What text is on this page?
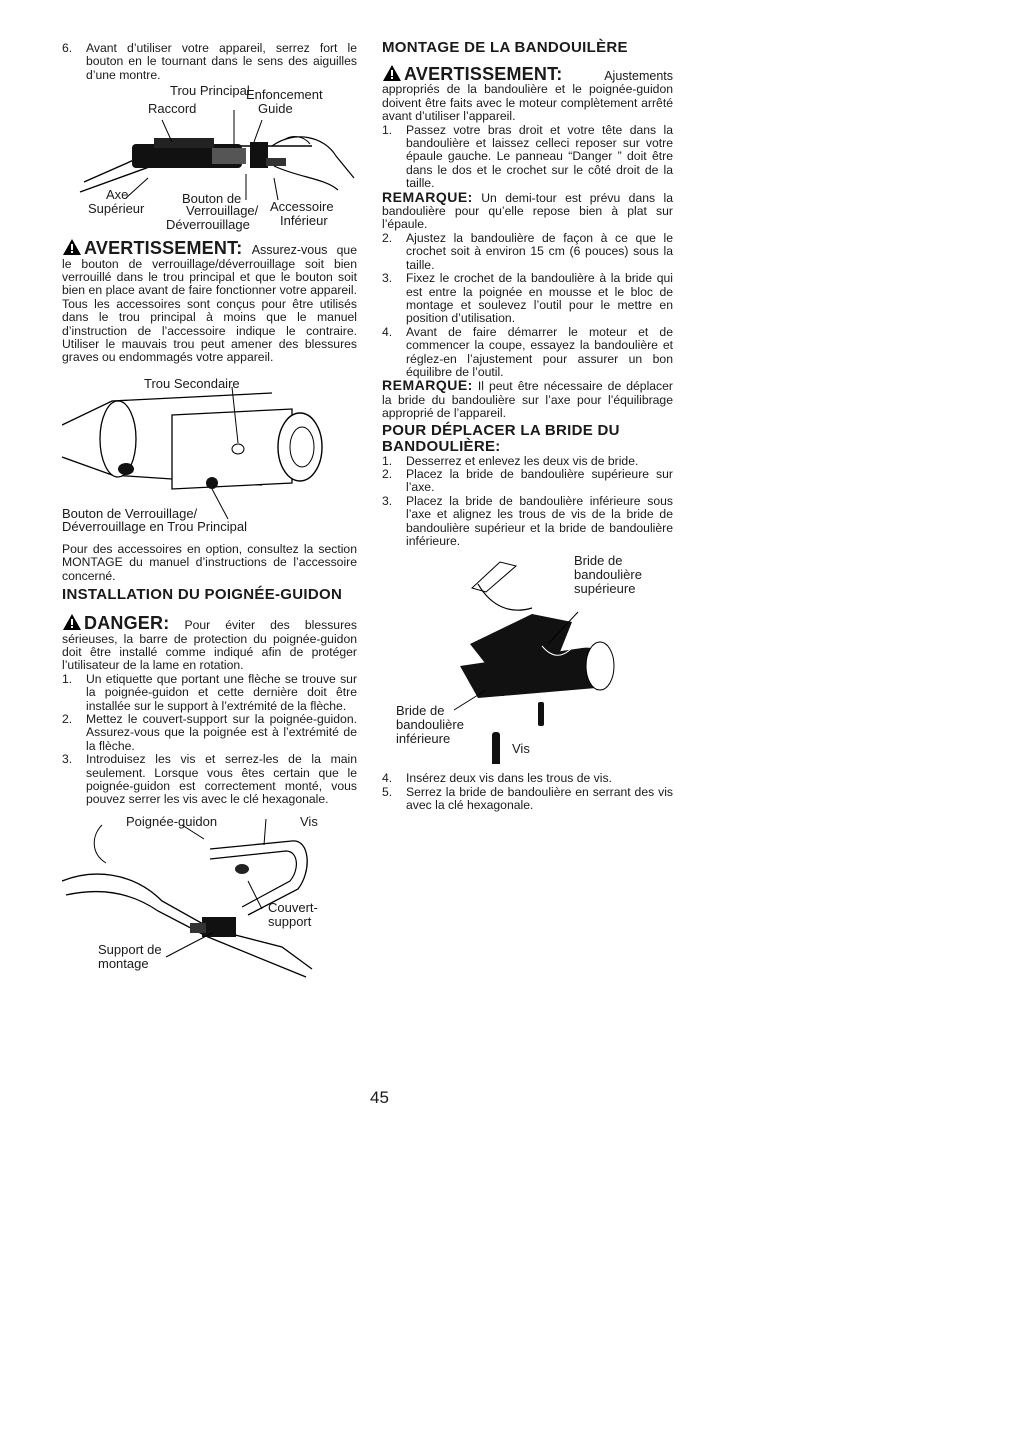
6. Avant d’utiliser votre appareil, serrez fort le bouton en le tournant dans le sens des aiguilles d’une montre.
Trou Principal
Enfoncement
Raccord	Guide
Axe
Supérieur
Bouton de
Verrouillage/
Déverrouillage
Accessoire
Inférieur

AVERTISSEMENT: Assurez-vous que le bouton de verrouillage/déverrouillage soit bien verrouillé dans le trou principal et que le bouton soit bien en place avant de faire fonctionner votre appareil. Tous les accessoires sont conçus pour être utilisés dans le trou principal à moins que le manuel d’instruction de l’accessoire indique le contraire. Utiliser le mauvais trou peut amener des blessures graves ou endommagés votre appareil.

Trou Secondaire
Bouton de Verrouillage/
Déverrouillage en Trou Principal

Pour des accessoires en option, consultez la section MONTAGE du manuel d’instructions de l’accessoire concerné.

INSTALLATION DU POIGNÉE-GUIDON

DANGER: Pour éviter des blessures sérieuses, la barre de protection du poignée-guidon doit être installé comme indiqué afin de protéger l’utilisateur de la lame en rotation.

1. Un etiquette que portant une flèche se trouve sur la poignée-guidon et cette dernière doit être installée sur le support à l’extrémité de la flèche.
2. Mettez le couvert-support sur la poignée-guidon. Assurez-vous que la poignée est à l’extrémité de la flèche.
3. Introduisez les vis et serrez-les de la main seulement. Lorsque vous êtes certain que le poignée-guidon est correctement monté, vous pouvez serrer les vis avec le clé hexagonale.
Poignée-guidon	Vis
Couvert-
support
Support de
montage
MONTAGE DE LA BANDOUILÈRE

AVERTISSEMENT:	Ajustements appropriés de la bandoulière et le poignée-guidon doivent être faits avec le moteur complètement arrêté avant d’utiliser l’appareil.

1. Passez votre bras droit et votre tête dans la bandoulière et laissez celleci reposer sur votre épaule gauche. Le panneau “Danger ” doit être dans le dos et le crochet sur le côté droit de la taille.

REMARQUE: Un demi-tour est prévu dans la bandoulière pour qu’elle repose bien à plat sur l’épaule.

2. Ajustez la bandoulière de façon à ce que le crochet soit à environ 15 cm (6 pouces) sous la taille.
3. Fixez le crochet de la bandoulière à la bride qui est entre la poignée en mousse et le bloc de montage et soulevez l’outil pour le mettre en position d’utilisation.
4. Avant de faire démarrer le moteur et de commencer la coupe, essayez la bandoulière et réglez-en l’ajustement pour assurer un bon équilibre de l’outil.

REMARQUE: Il peut être nécessaire de déplacer la bride du bandoulière sur l’axe pour l’équilibrage approprié de l’appareil.

POUR DÉPLACER LA BRIDE DU BANDOULIÈRE:
1. Desserrez et enlevez les deux vis de bride.
2. Placez la bride de bandoulière supérieure sur l’axe.
3. Placez la bride de bandoulière inférieure sous l’axe et alignez les trous de vis de la bride de bandoulière supérieur et la bride de bandoulière inférieure.
Bride de
bandoulière
supérieure
Bride de
bandoulière
inférieure
Vis
4. Insérez deux vis dans les trous de vis.
5. Serrez la bride de bandoulière en serrant des vis avec la clé hexagonale.
45
